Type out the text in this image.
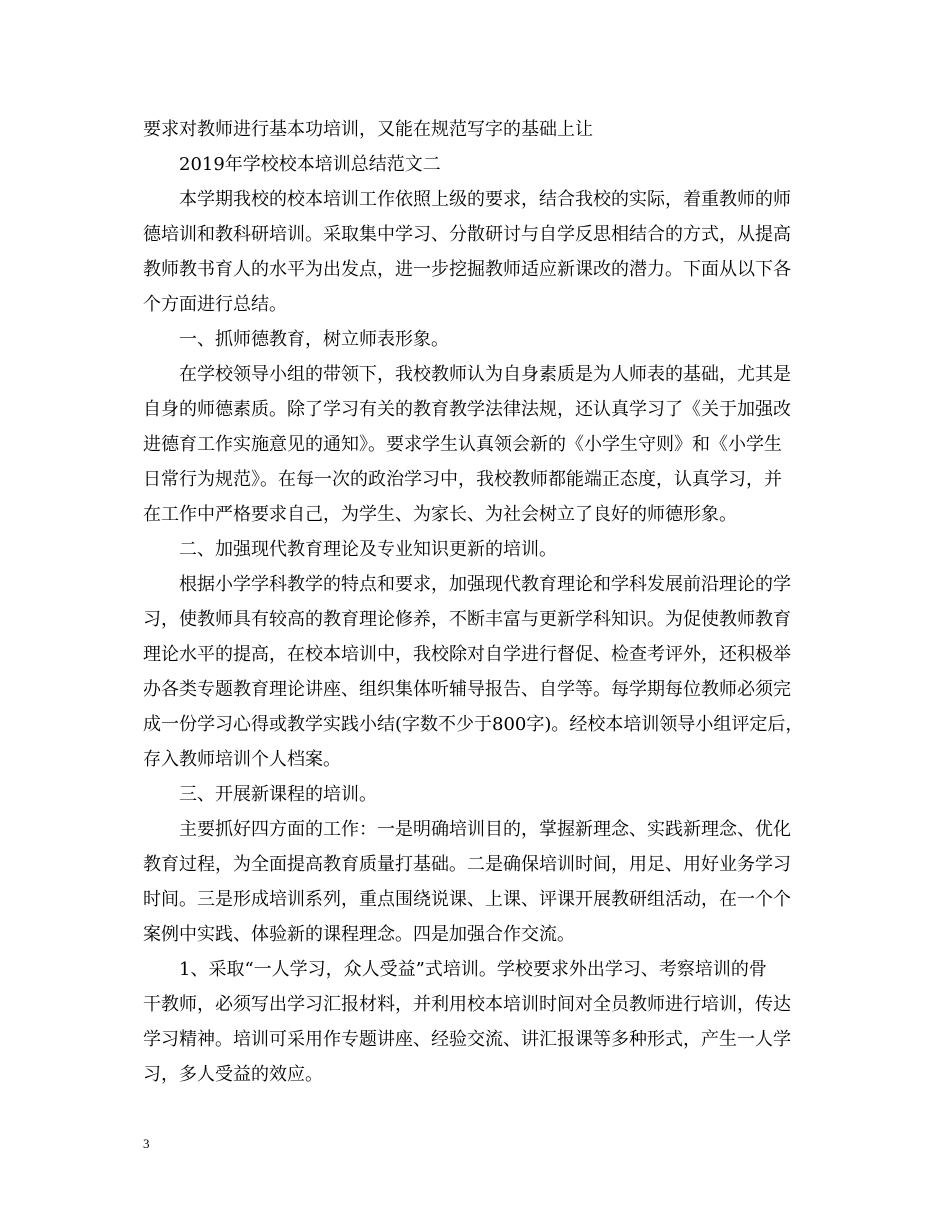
要求对教师进行基本功培训，又能在规范写字的基础上让
2019年学校校本培训总结范文二
本学期我校的校本培训工作依照上级的要求，结合我校的实际，着重教师的师
德培训和教科研培训。采取集中学习、分散研讨与自学反思相结合的方式，从提高
教师教书育人的水平为出发点，进一步挖掘教师适应新课改的潜力。下面从以下各
个方面进行总结。
一、抓师德教育，树立师表形象。
在学校领导小组的带领下，我校教师认为自身素质是为人师表的基础，尤其是
自身的师德素质。除了学习有关的教育教学法律法规，还认真学习了《关于加强改
进德育工作实施意见的通知》。要求学生认真领会新的《小学生守则》和《小学生
日常行为规范》。在每一次的政治学习中，我校教师都能端正态度，认真学习，并
在工作中严格要求自己，为学生、为家长、为社会树立了良好的师德形象。
二、加强现代教育理论及专业知识更新的培训。
根据小学学科教学的特点和要求，加强现代教育理论和学科发展前沿理论的学
习，使教师具有较高的教育理论修养，不断丰富与更新学科知识。为促使教师教育
理论水平的提高，在校本培训中，我校除对自学进行督促、检查考评外，还积极举
办各类专题教育理论讲座、组织集体听辅导报告、自学等。每学期每位教师必须完
成一份学习心得或教学实践小结(字数不少于800字)。经校本培训领导小组评定后，
存入教师培训个人档案。
三、开展新课程的培训。
主要抓好四方面的工作：一是明确培训目的，掌握新理念、实践新理念、优化
教育过程，为全面提高教育质量打基础。二是确保培训时间，用足、用好业务学习
时间。三是形成培训系列，重点围绕说课、上课、评课开展教研组活动，在一个个
案例中实践、体验新的课程理念。四是加强合作交流。
1、采取“一人学习，众人受益”式培训。学校要求外出学习、考察培训的骨
干教师，必须写出学习汇报材料，并利用校本培训时间对全员教师进行培训，传达
学习精神。培训可采用作专题讲座、经验交流、讲汇报课等多种形式，产生一人学
习，多人受益的效应。
3
